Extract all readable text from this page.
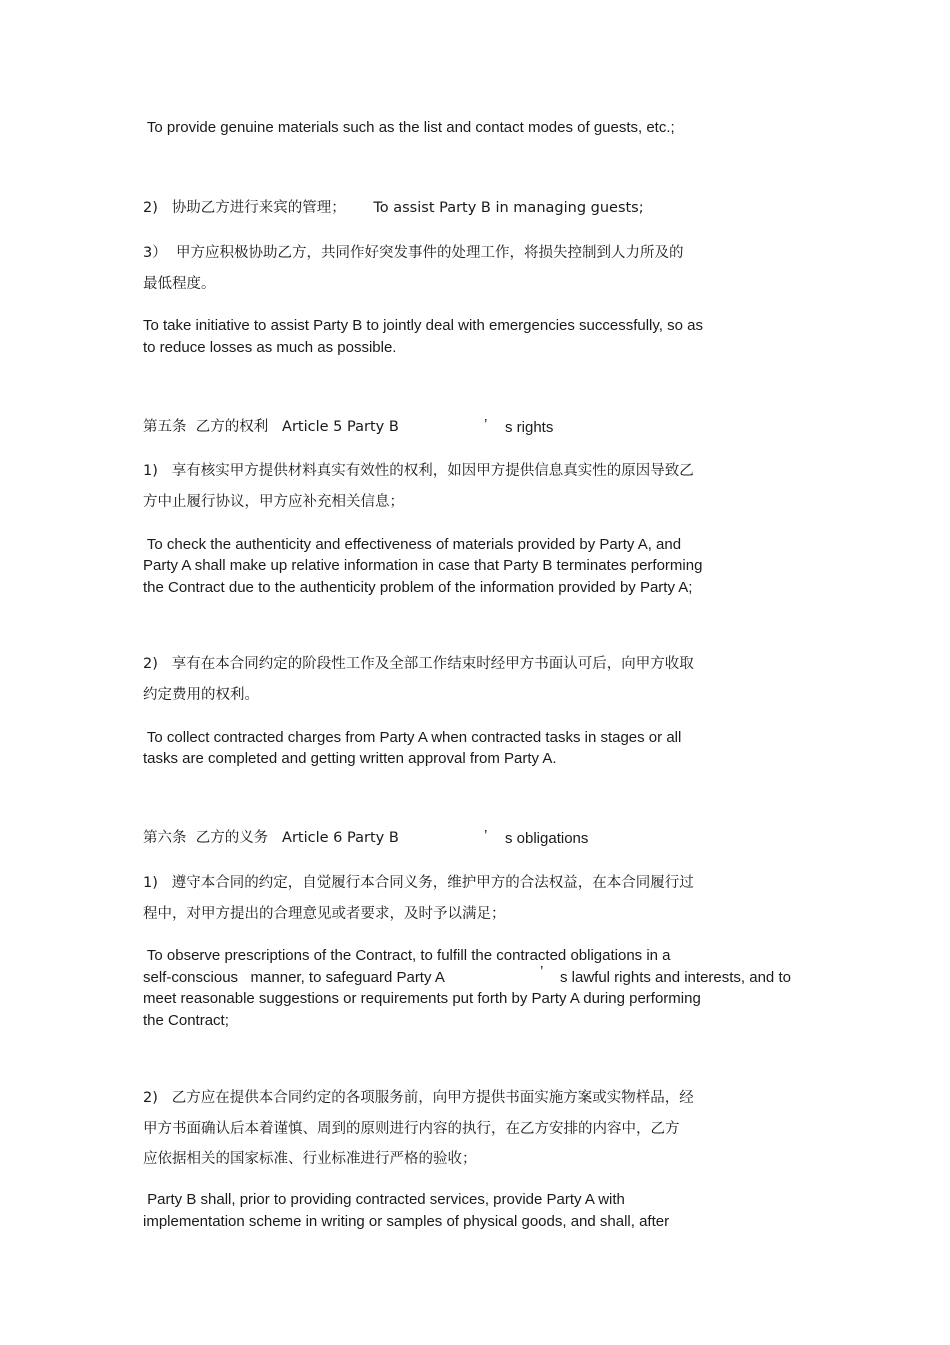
To provide genuine materials such as the list and contact modes of guests, etc.;
2)   协助乙方进行来宾的管理；      To assist Party B in managing guests;
3）  甲方应积极协助乙方，共同作好突发事件的处理工作，将损失控制到人力所及的
最低程度。
To take initiative to assist Party B to jointly deal with emergencies successfully, so as
to reduce losses as much as possible.
第五条  乙方的权利   Article 5 Party B	’ s rights
1)   享有核实甲方提供材料真实有效性的权利，如因甲方提供信息真实性的原因导致乙
方中止履行协议，甲方应补充相关信息；
To check the authenticity and effectiveness of materials provided by Party A, and
Party A shall make up relative information in case that Party B terminates performing
the Contract due to the authenticity problem of the information provided by Party A;
2)   享有在本合同约定的阶段性工作及全部工作结束时经甲方书面认可后，向甲方收取
约定费用的权利。
To collect contracted charges from Party A when contracted tasks in stages or all
tasks are completed and getting written approval from Party A.
第六条  乙方的义务   Article 6 Party B	’ s obligations
1)   遵守本合同的约定，自觉履行本合同义务，维护甲方的合法权益，在本合同履行过
程中，对甲方提出的合理意见或者要求，及时予以满足；
To observe prescriptions of the Contract, to fulfill the contracted obligations in a
self-conscious   manner, to safeguard Party A	’ s lawful rights and interests, and to
meet reasonable suggestions or requirements put forth by Party A during performing
the Contract;
2)   乙方应在提供本合同约定的各项服务前，向甲方提供书面实施方案或实物样品，经
甲方书面确认后本着谨慎、周到的原则进行内容的执行，在乙方安排的内容中，乙方
应依据相关的国家标准、行业标准进行严格的验收；
Party B shall, prior to providing contracted services, provide Party A with
implementation scheme in writing or samples of physical goods, and shall, after
